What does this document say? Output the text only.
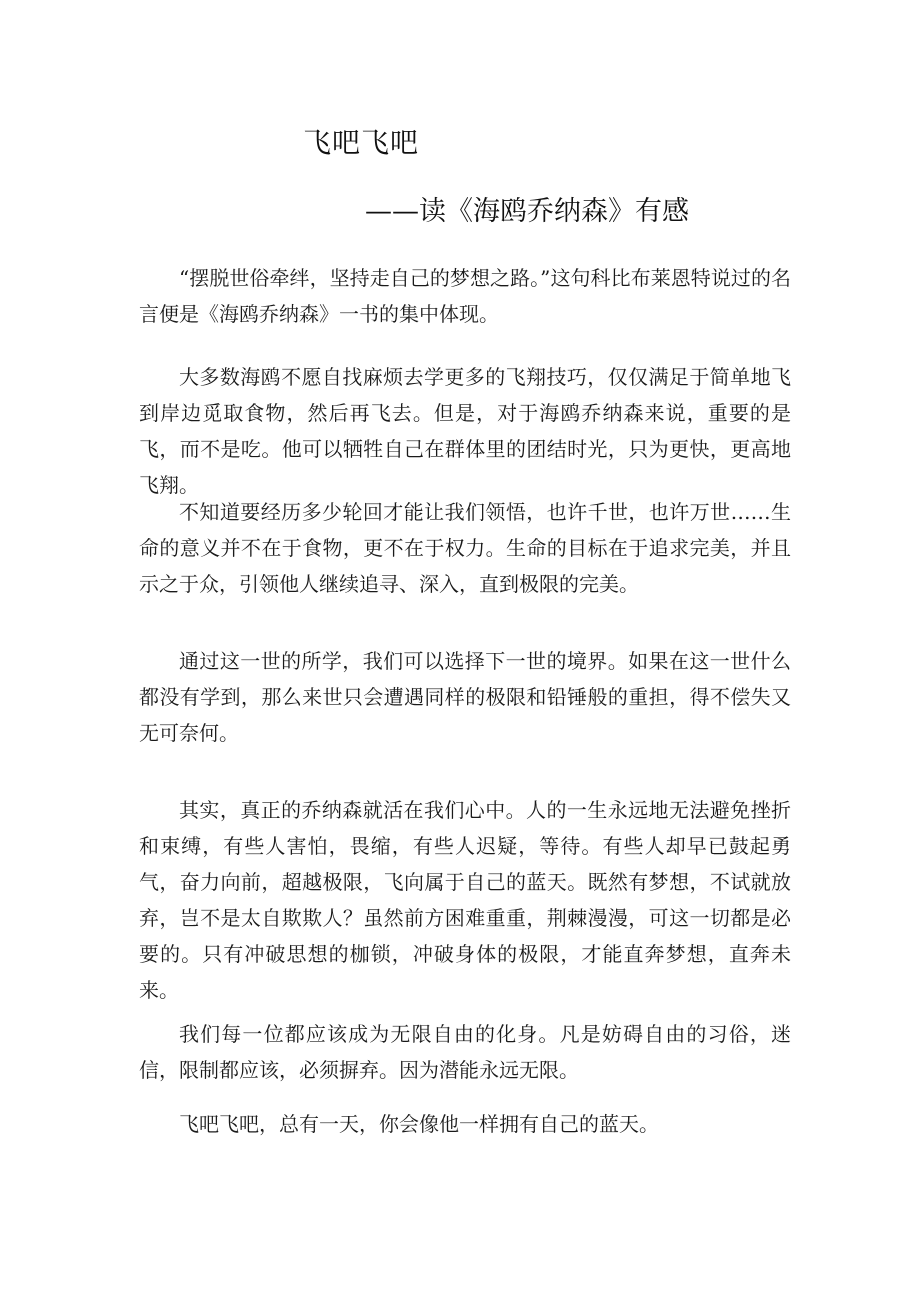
飞吧飞吧
——读《海鸥乔纳森》有感

“摆脱世俗牵绊，坚持走自己的梦想之路。”这句科比布莱恩特说过的名言便是《海鸥乔纳森》一书的集中体现。

大多数海鸥不愿自找麻烦去学更多的飞翔技巧，仅仅满足于简单地飞到岸边觅取食物，然后再飞去。但是，对于海鸥乔纳森来说，重要的是飞，而不是吃。他可以牺牲自己在群体里的团结时光，只为更快，更高地飞翔。

不知道要经历多少轮回才能让我们领悟，也许千世，也许万世……生命的意义并不在于食物，更不在于权力。生命的目标在于追求完美，并且示之于众，引领他人继续追寻、深入，直到极限的完美。

通过这一世的所学，我们可以选择下一世的境界。如果在这一世什么都没有学到，那么来世只会遭遇同样的极限和铅锤般的重担，得不偿失又无可奈何。

其实，真正的乔纳森就活在我们心中。人的一生永远地无法避免挫折和束缚，有些人害怕，畏缩，有些人迟疑，等待。有些人却早已鼓起勇气，奋力向前，超越极限，飞向属于自己的蓝天。既然有梦想，不试就放弃，岂不是太自欺欺人？虽然前方困难重重，荆棘漫漫，可这一切都是必要的。只有冲破思想的枷锁，冲破身体的极限，才能直奔梦想，直奔未来。

我们每一位都应该成为无限自由的化身。凡是妨碍自由的习俗，迷信，限制都应该，必须摒弃。因为潜能永远无限。

飞吧飞吧，总有一天，你会像他一样拥有自己的蓝天。
